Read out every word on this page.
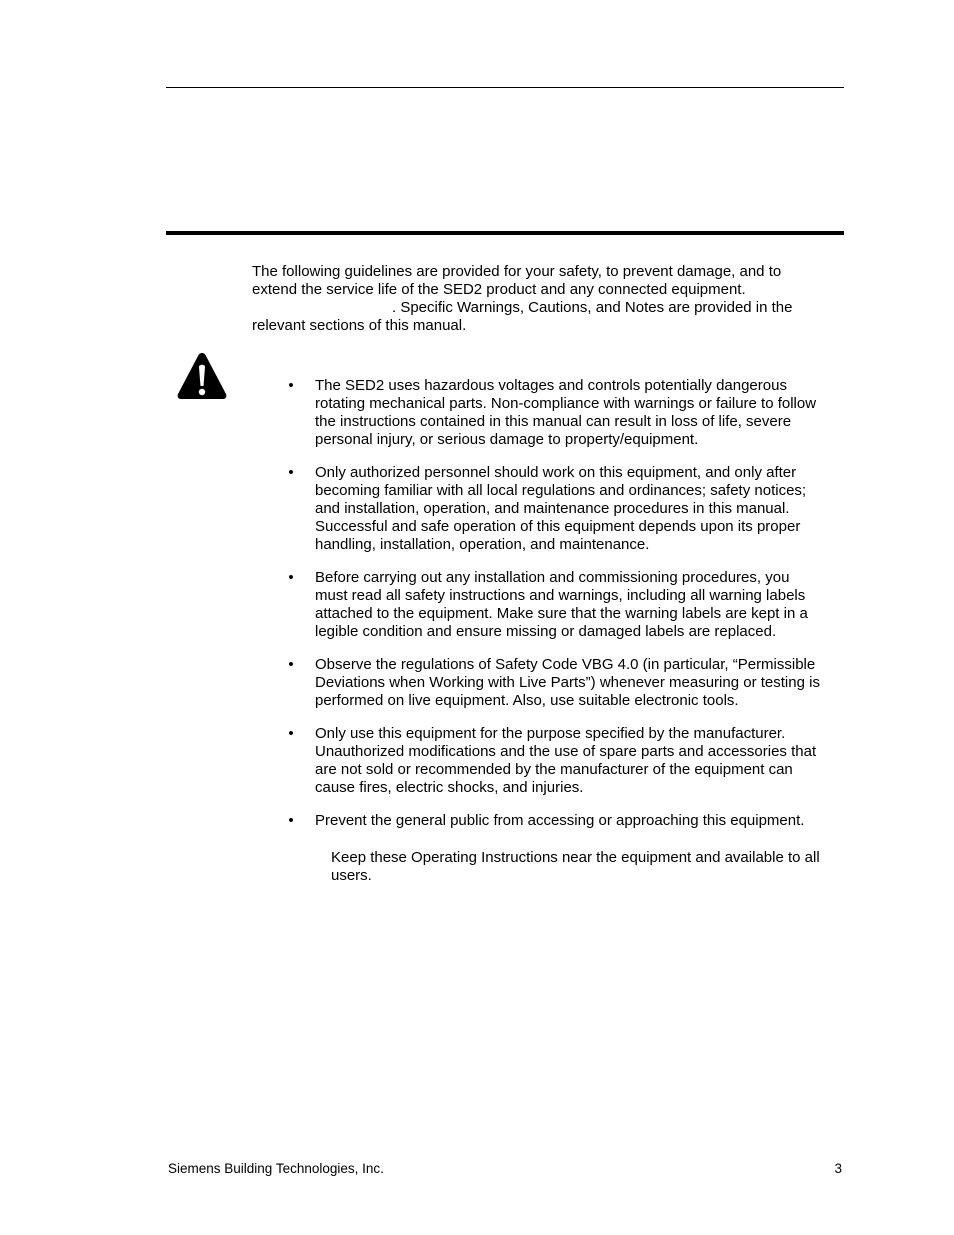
The following guidelines are provided for your safety, to prevent damage, and to
extend the service life of the SED2 product and any connected equipment.
. Specific Warnings, Cautions, and Notes are provided in the
relevant sections of this manual.
• The SED2 uses hazardous voltages and controls potentially dangerous
rotating mechanical parts. Non-compliance with warnings or failure to follow
the instructions contained in this manual can result in loss of life, severe
personal injury, or serious damage to property/equipment.
• Only authorized personnel should work on this equipment, and only after
becoming familiar with all local regulations and ordinances; safety notices;
and installation, operation, and maintenance procedures in this manual.
Successful and safe operation of this equipment depends upon its proper
handling, installation, operation, and maintenance.
• Before carrying out any installation and commissioning procedures, you
must read all safety instructions and warnings, including all warning labels
attached to the equipment. Make sure that the warning labels are kept in a
legible condition and ensure missing or damaged labels are replaced.
• Observe the regulations of Safety Code VBG 4.0 (in particular, “Permissible
Deviations when Working with Live Parts”) whenever measuring or testing is
performed on live equipment. Also, use suitable electronic tools.
• Only use this equipment for the purpose specified by the manufacturer.
Unauthorized modifications and the use of spare parts and accessories that
are not sold or recommended by the manufacturer of the equipment can
cause fires, electric shocks, and injuries.
• Prevent the general public from accessing or approaching this equipment.
Keep these Operating Instructions near the equipment and available to all
users.
Siemens Building Technologies, Inc.	3
